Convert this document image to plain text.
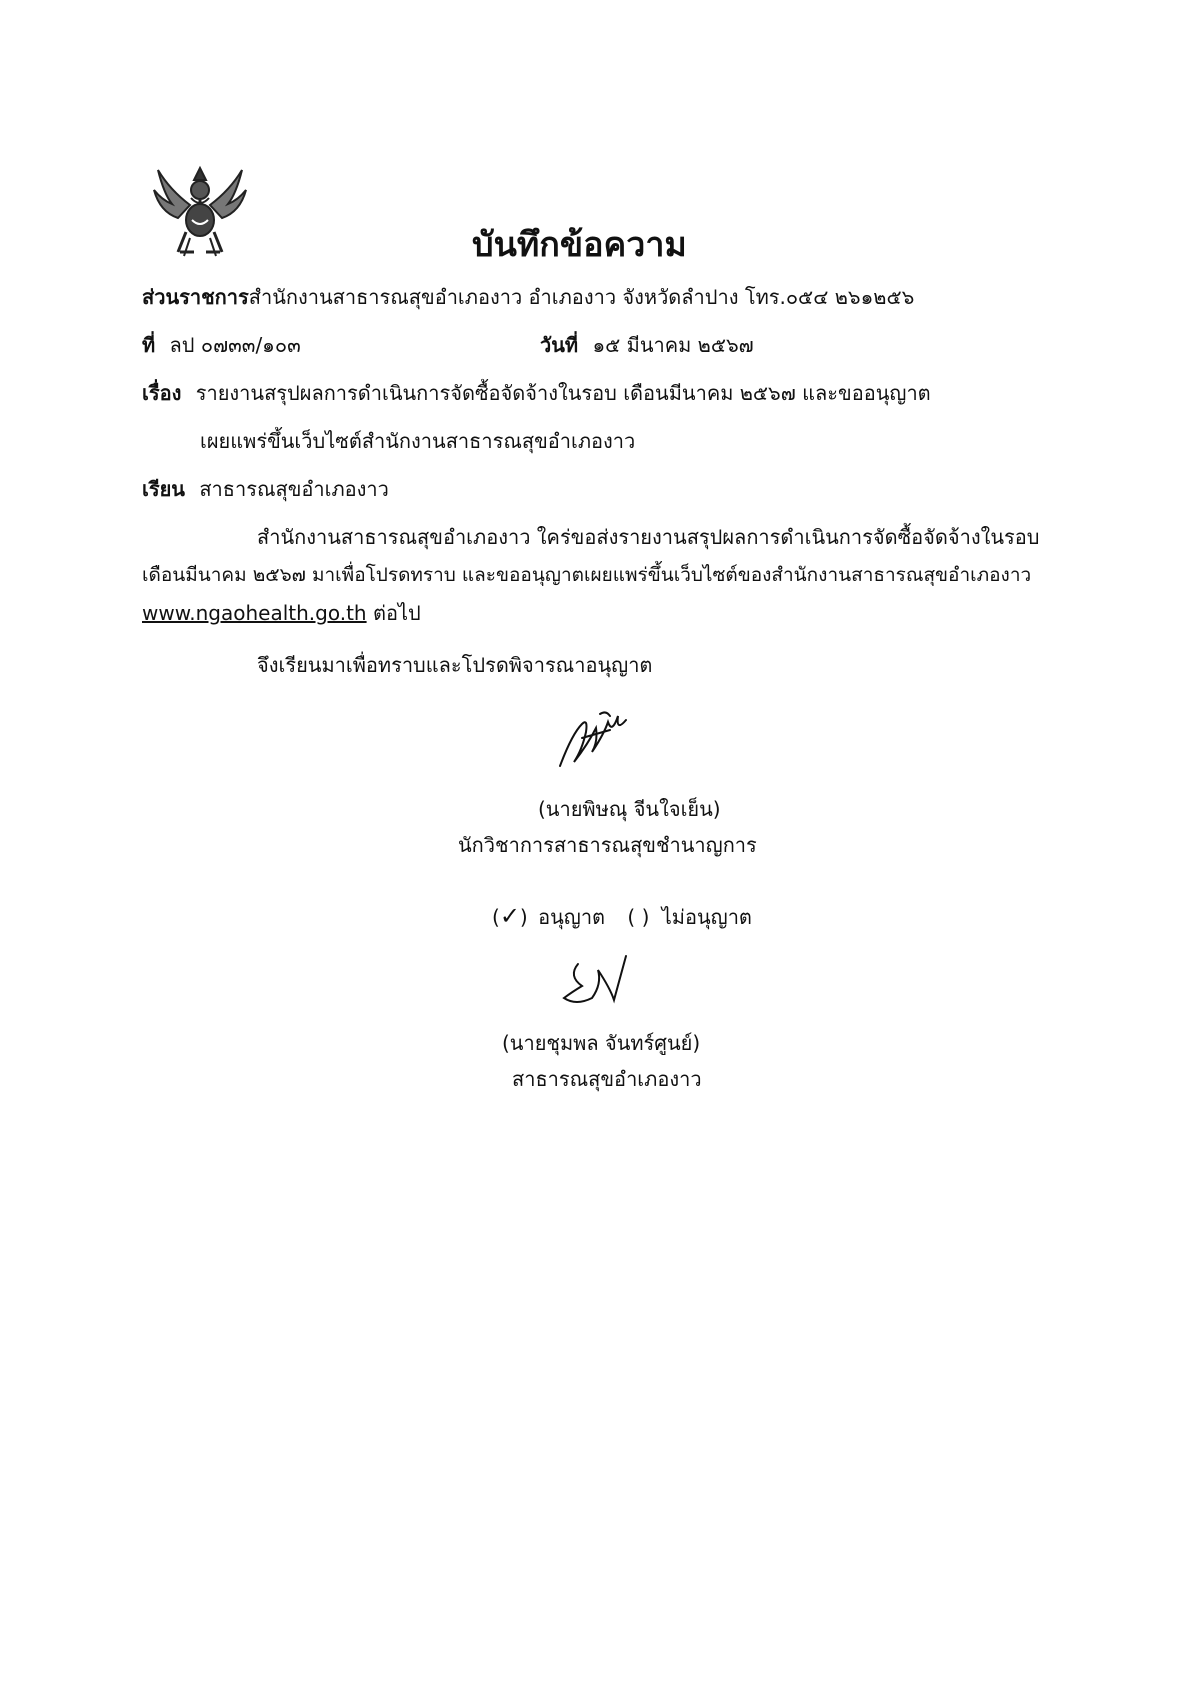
บันทึกข้อความ
ส่วนราชการสำนักงานสาธารณสุขอำเภองาว อำเภองาว จังหวัดลำปาง โทร.๐๕๔ ๒๖๑๒๕๖
ที่ ลป ๐๗๓๓/๑๐๓	วันที่ ๑๕ มีนาคม ๒๕๖๗
เรื่อง รายงานสรุปผลการดำเนินการจัดซื้อจัดจ้างในรอบ เดือนมีนาคม ๒๕๖๗ และขออนุญาต
เผยแพร่ขึ้นเว็บไซต์สำนักงานสาธารณสุขอำเภองาว
เรียน สาธารณสุขอำเภองาว
สำนักงานสาธารณสุขอำเภองาว ใคร่ขอส่งรายงานสรุปผลการดำเนินการจัดซื้อจัดจ้างในรอบ
เดือนมีนาคม ๒๕๖๗ มาเพื่อโปรดทราบ และขออนุญาตเผยแพร่ขึ้นเว็บไซต์ของสำนักงานสาธารณสุขอำเภองาว
www.ngaohealth.go.th ต่อไป
จึงเรียนมาเพื่อทราบและโปรดพิจารณาอนุญาต
(นายพิษณุ จีนใจเย็น)
นักวิชาการสาธารณสุขชำนาญการ
(✓) อนุญาต ( ) ไม่อนุญาต
(นายชุมพล จันทร์ศูนย์)
สาธารณสุขอำเภองาว
